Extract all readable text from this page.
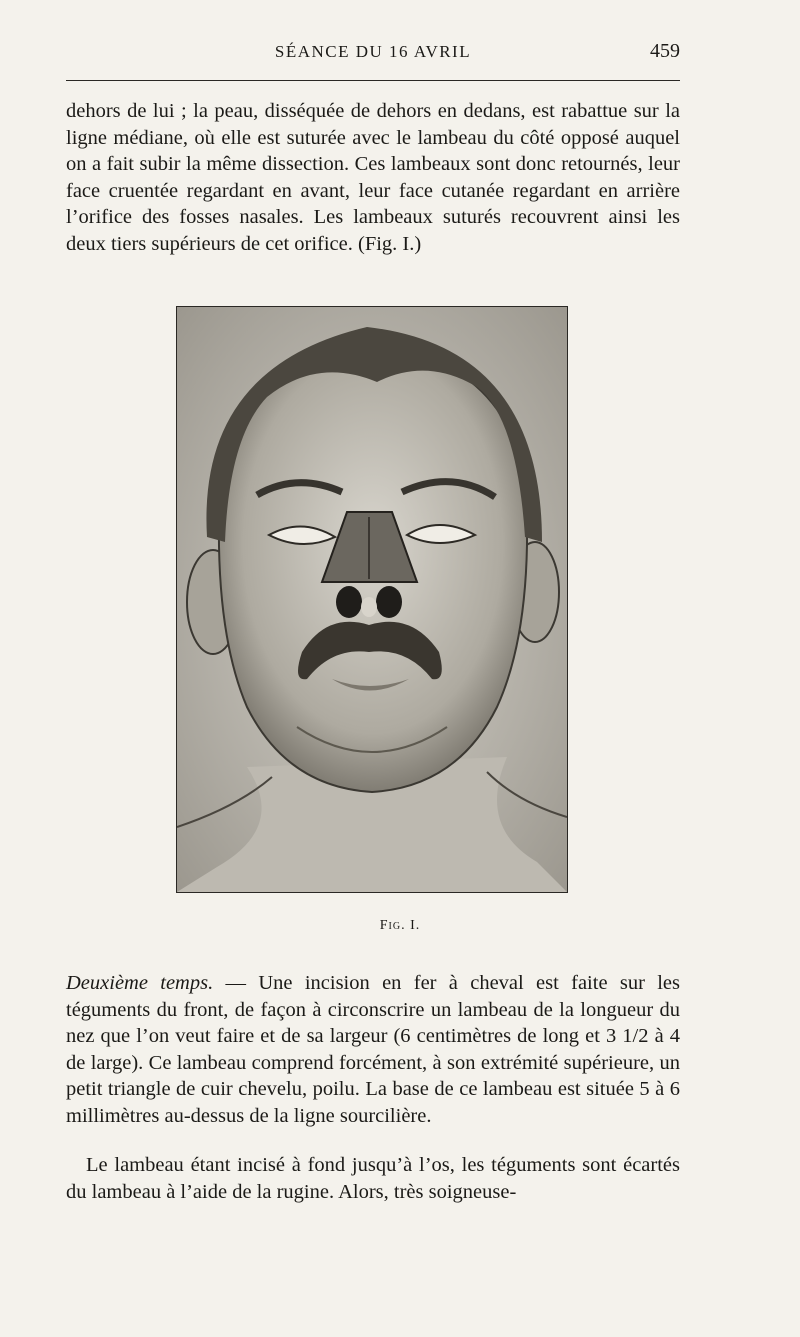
SÉANCE DU 16 AVRIL	459

dehors de lui ; la peau, disséquée de dehors en dedans, est rabattue sur la ligne médiane, où elle est suturée avec le lambeau du côté opposé auquel on a fait subir la même dissection. Ces lambeaux sont donc retournés, leur face cruentée regardant en avant, leur face cutanée regardant en arrière l’orifice des fosses nasales. Les lambeaux suturés recouvrent ainsi les deux tiers supérieurs de cet orifice. (Fig. I.)

Fig. I.

Deuxième temps. — Une incision en fer à cheval est faite sur les téguments du front, de façon à circonscrire un lambeau de la longueur du nez que l’on veut faire et de sa largeur (6 centimètres de long et 3 1/2 à 4 de large). Ce lambeau comprend forcément, à son extrémité supérieure, un petit triangle de cuir chevelu, poilu. La base de ce lambeau est située 5 à 6 millimètres au-dessus de la ligne sourcilière.

Le lambeau étant incisé à fond jusqu’à l’os, les téguments sont écartés du lambeau à l’aide de la rugine. Alors, très soigneuse-
